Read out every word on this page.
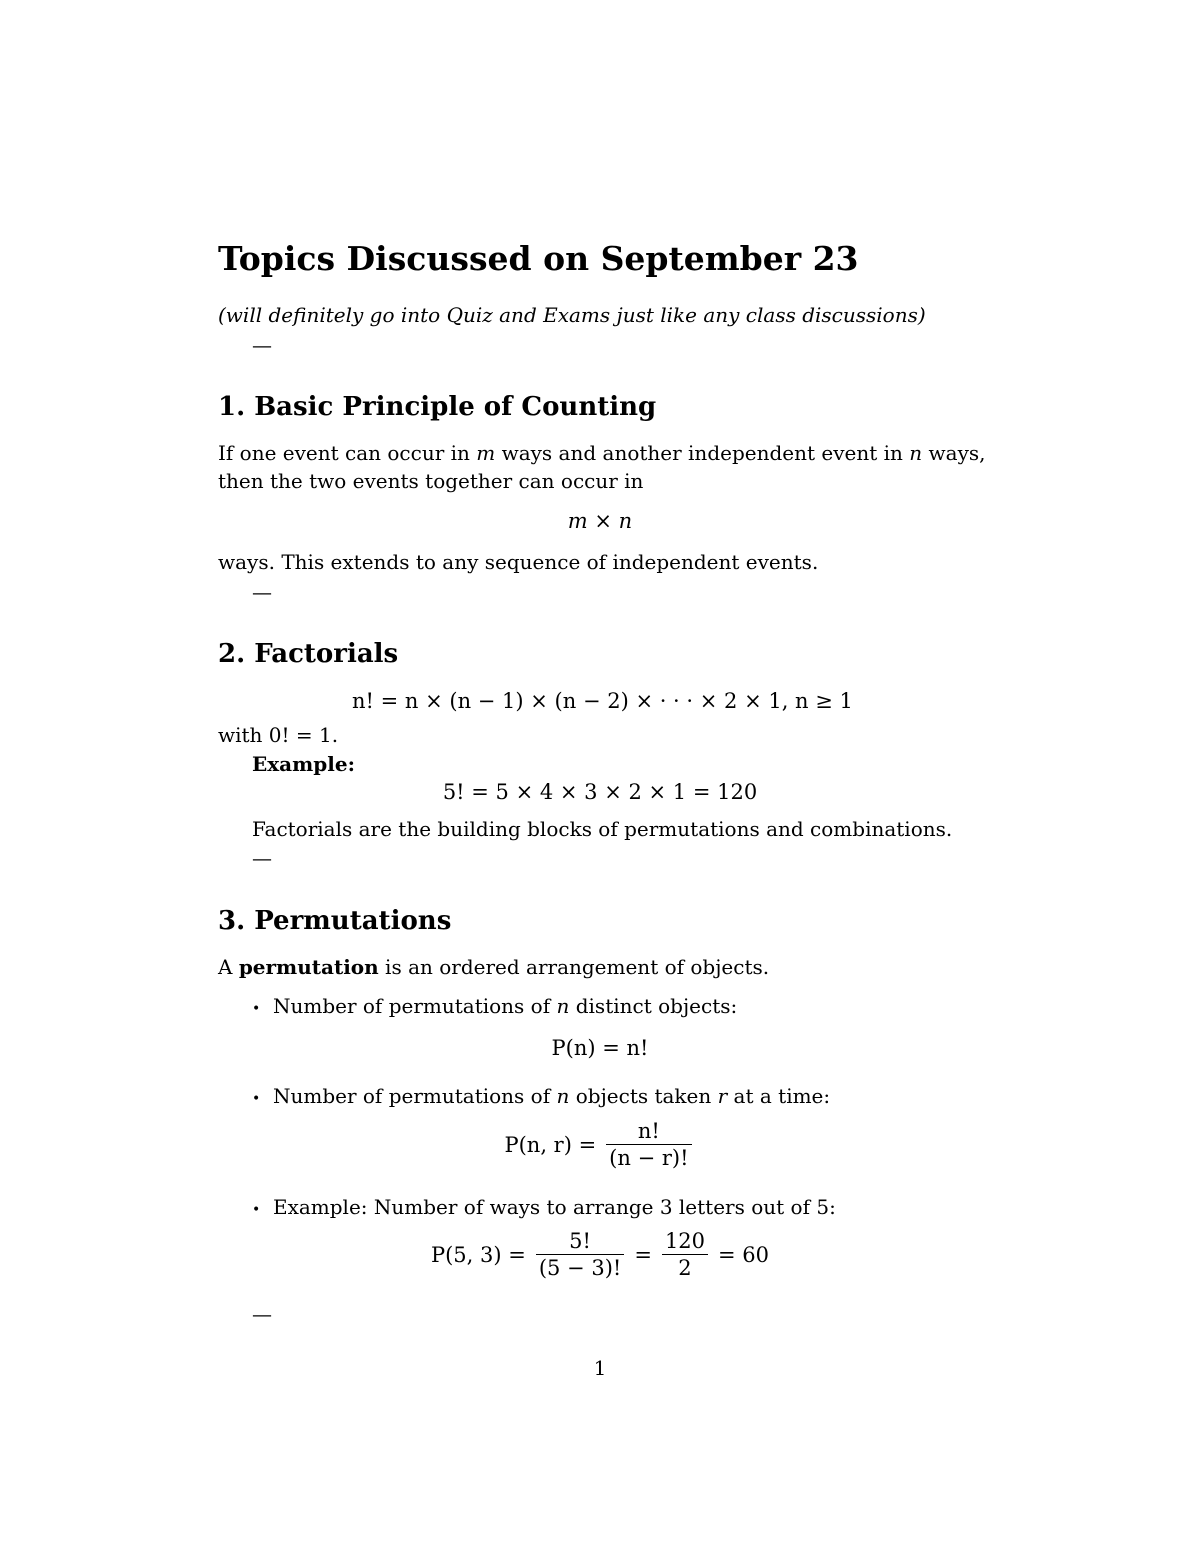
Topics Discussed on September 23
(will definitely go into Quiz and Exams just like any class discussions)
—
1. Basic Principle of Counting
If one event can occur in m ways and another independent event in n ways,
then the two events together can occur in
m × n
ways. This extends to any sequence of independent events.
—
2. Factorials
n! = n × (n − 1) × (n − 2) × · · · × 2 × 1, n ≥ 1
with 0! = 1.
Example:
5! = 5 × 4 × 3 × 2 × 1 = 120
Factorials are the building blocks of permutations and combinations.
—
3. Permutations
A permutation is an ordered arrangement of objects.
• Number of permutations of n distinct objects:
P(n) = n!
• Number of permutations of n objects taken r at a time:
P(n, $r) = \frac{n!}{(n - r)!}$
• Example: Number of ways to arrange 3 letters out of 5:
P(5, $3) = \frac{5!}{(5 - 3)!} = \frac{120}{2} = 60$
—
1
